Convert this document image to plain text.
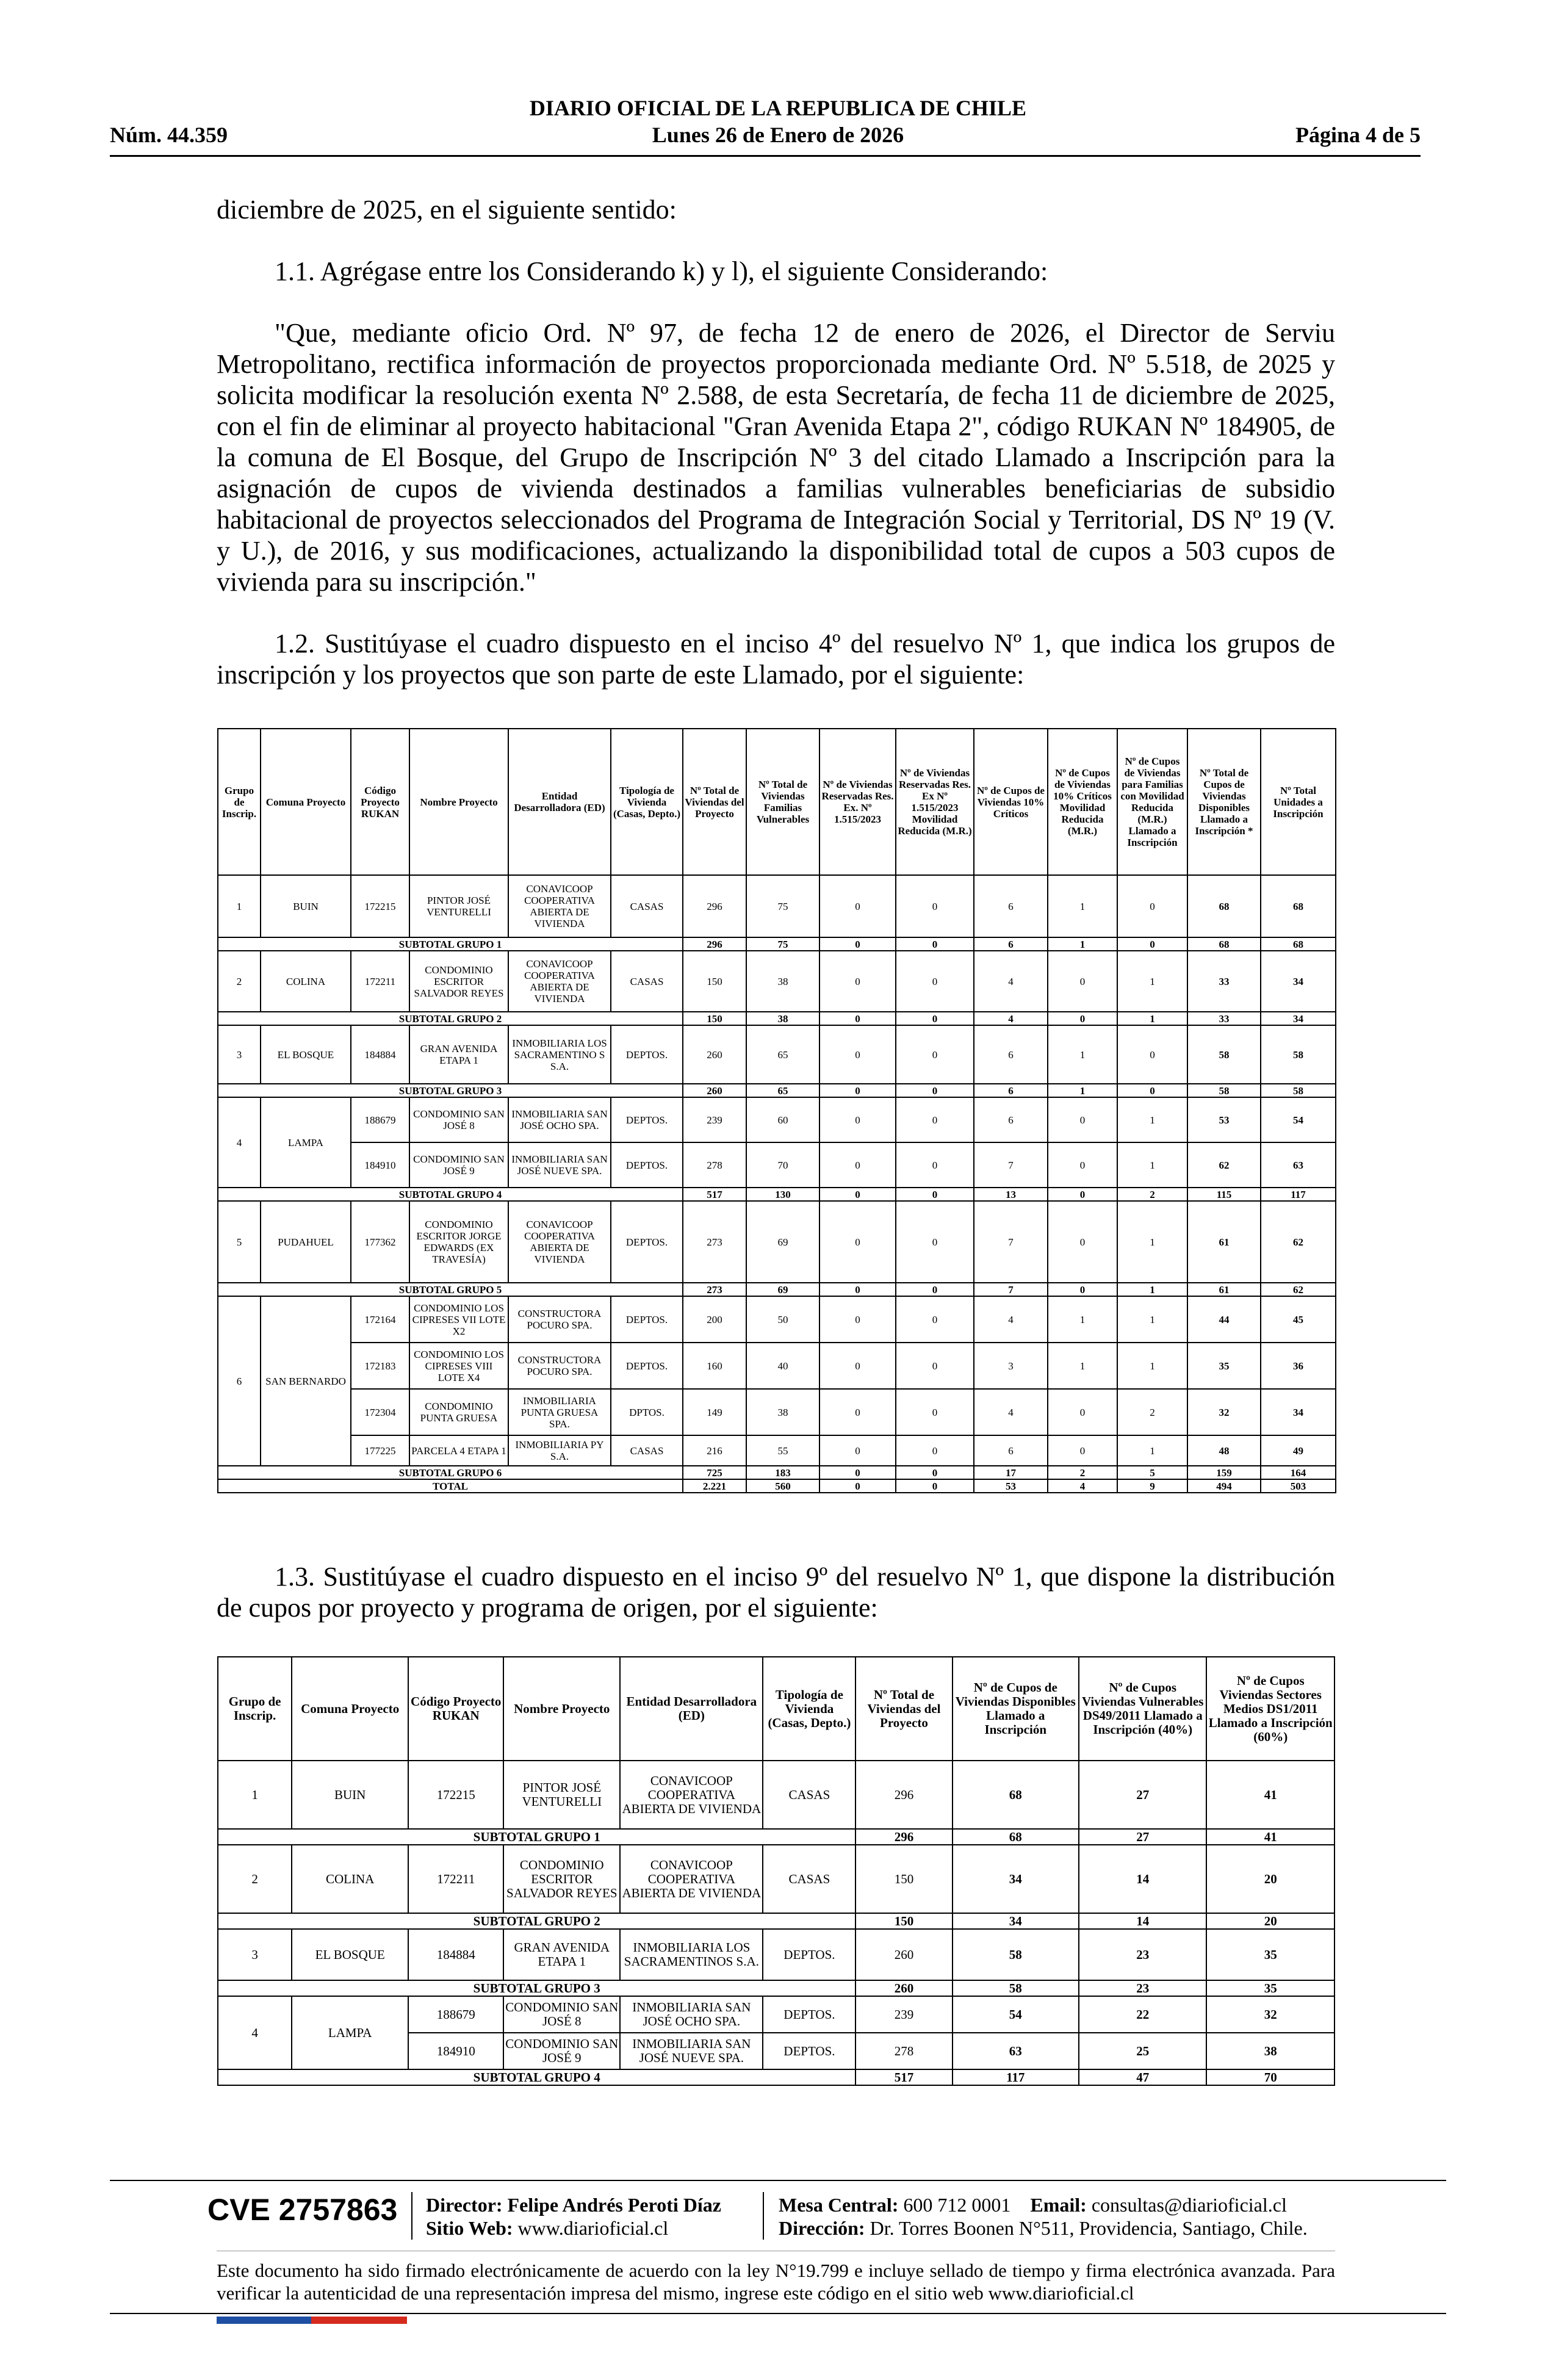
DIARIO OFICIAL DE LA REPUBLICA DE CHILE
Lunes 26 de Enero de 2026
Núm. 44.359	Página 4 de 5

diciembre de 2025, en el siguiente sentido:

1.1. Agrégase entre los Considerando k) y l), el siguiente Considerando:

"Que, mediante oficio Ord. Nº 97, de fecha 12 de enero de 2026, el Director de Serviu Metropolitano, rectifica información de proyectos proporcionada mediante Ord. Nº 5.518, de 2025 y solicita modificar la resolución exenta Nº 2.588, de esta Secretaría, de fecha 11 de diciembre de 2025, con el fin de eliminar al proyecto habitacional "Gran Avenida Etapa 2", código RUKAN Nº 184905, de la comuna de El Bosque, del Grupo de Inscripción Nº 3 del citado Llamado a Inscripción para la asignación de cupos de vivienda destinados a familias vulnerables beneficiarias de subsidio habitacional de proyectos seleccionados del Programa de Integración Social y Territorial, DS Nº 19 (V. y U.), de 2016, y sus modificaciones, actualizando la disponibilidad total de cupos a 503 cupos de vivienda para su inscripción."

1.2. Sustitúyase el cuadro dispuesto en el inciso 4º del resuelvo Nº 1, que indica los grupos de inscripción y los proyectos que son parte de este Llamado, por el siguiente:

Grupo de Inscrip.	Comuna Proyecto	Código Proyecto RUKAN	Nombre Proyecto	Entidad Desarrolladora (ED)	Tipología de Vivienda (Casas, Depto.)	Nº Total de Viviendas del Proyecto	Nº Total de Viviendas Familias Vulnerables	Nº de Viviendas Reservadas Res. Ex. Nº 1.515/2023	Nº de Viviendas Reservadas Res. Ex Nº 1.515/2023 Movilidad Reducida (M.R.)	Nº de Cupos de Viviendas 10% Críticos	Nº de Cupos de Viviendas 10% Críticos Movilidad Reducida (M.R.)	Nº de Cupos de Viviendas para Familias con Movilidad Reducida (M.R.) Llamado a Inscripción	Nº Total de Cupos de Viviendas Disponibles Llamado a Inscripción *	Nº Total Unidades a Inscripción
1	BUIN	172215	PINTOR JOSÉ VENTURELLI	CONAVICOOP COOPERATIVA ABIERTA DE VIVIENDA	CASAS	296	75	0	0	6	1	0	68	68
SUBTOTAL GRUPO 1						296	75	0	0	6	1	0	68	68
2	COLINA	172211	CONDOMINIO ESCRITOR SALVADOR REYES	CONAVICOOP COOPERATIVA ABIERTA DE VIVIENDA	CASAS	150	38	0	0	4	0	1	33	34
SUBTOTAL GRUPO 2						150	38	0	0	4	0	1	33	34
3	EL BOSQUE	184884	GRAN AVENIDA ETAPA 1	INMOBILIARIA LOS SACRAMENTINO S S.A.	DEPTOS.	260	65	0	0	6	1	0	58	58
SUBTOTAL GRUPO 3						260	65	0	0	6	1	0	58	58
4	LAMPA	188679	CONDOMINIO SAN JOSÉ 8	INMOBILIARIA SAN JOSÉ OCHO SPA.	DEPTOS.	239	60	0	0	6	0	1	53	54
		184910	CONDOMINIO SAN JOSÉ 9	INMOBILIARIA SAN JOSÉ NUEVE SPA.	DEPTOS.	278	70	0	0	7	0	1	62	63
SUBTOTAL GRUPO 4						517	130	0	0	13	0	2	115	117
5	PUDAHUEL	177362	CONDOMINIO ESCRITOR JORGE EDWARDS (EX TRAVESÍA)	CONAVICOOP COOPERATIVA ABIERTA DE VIVIENDA	DEPTOS.	273	69	0	0	7	0	1	61	62
SUBTOTAL GRUPO 5						273	69	0	0	7	0	1	61	62
6	SAN BERNARDO	172164	CONDOMINIO LOS CIPRESES VII LOTE X2	CONSTRUCTORA POCURO SPA.	DEPTOS.	200	50	0	0	4	1	1	44	45
		172183	CONDOMINIO LOS CIPRESES VIII LOTE X4	CONSTRUCTORA POCURO SPA.	DEPTOS.	160	40	0	0	3	1	1	35	36
		172304	CONDOMINIO PUNTA GRUESA	INMOBILIARIA PUNTA GRUESA SPA.	DPTOS.	149	38	0	0	4	0	2	32	34
		177225	PARCELA 4 ETAPA 1	INMOBILIARIA PY S.A.	CASAS	216	55	0	0	6	0	1	48	49
SUBTOTAL GRUPO 6						725	183	0	0	17	2	5	159	164
TOTAL						2.221	560	0	0	53	4	9	494	503

1.3. Sustitúyase el cuadro dispuesto en el inciso 9º del resuelvo Nº 1, que dispone la distribución de cupos por proyecto y programa de origen, por el siguiente:

Grupo de Inscrip.	Comuna Proyecto	Código Proyecto RUKAN	Nombre Proyecto	Entidad Desarrolladora (ED)	Tipología de Vivienda (Casas, Depto.)	Nº Total de Viviendas del Proyecto	Nº de Cupos de Viviendas Disponibles Llamado a Inscripción	Nº de Cupos Viviendas Vulnerables DS49/2011 Llamado a Inscripción (40%)	Nº de Cupos Viviendas Sectores Medios DS1/2011 Llamado a Inscripción (60%)
1	BUIN	172215	PINTOR JOSÉ VENTURELLI	CONAVICOOP COOPERATIVA ABIERTA DE VIVIENDA	CASAS	296	68	27	41
SUBTOTAL GRUPO 1						296	68	27	41
2	COLINA	172211	CONDOMINIO ESCRITOR SALVADOR REYES	CONAVICOOP COOPERATIVA ABIERTA DE VIVIENDA	CASAS	150	34	14	20
SUBTOTAL GRUPO 2						150	34	14	20
3	EL BOSQUE	184884	GRAN AVENIDA ETAPA 1	INMOBILIARIA LOS SACRAMENTINOS S.A.	DEPTOS.	260	58	23	35
SUBTOTAL GRUPO 3						260	58	23	35
4	LAMPA	188679	CONDOMINIO SAN JOSÉ 8	INMOBILIARIA SAN JOSÉ OCHO SPA.	DEPTOS.	239	54	22	32
		184910	CONDOMINIO SAN JOSÉ 9	INMOBILIARIA SAN JOSÉ NUEVE SPA.	DEPTOS.	278	63	25	38
SUBTOTAL GRUPO 4						517	117	47	70
CVE 2757863 Director: Felipe Andrés Peroti Díaz
Sitio Web: www.diarioficial.cl
Mesa Central: 600 712 0001 Email: consultas@diarioficial.cl
Dirección: Dr. Torres Boonen N°511, Providencia, Santiago, Chile.
Este documento ha sido firmado electrónicamente de acuerdo con la ley N°19.799 e incluye sellado de tiempo y firma electrónica avanzada. Para verificar la autenticidad de una representación impresa del mismo, ingrese este código en el sitio web www.diarioficial.cl
